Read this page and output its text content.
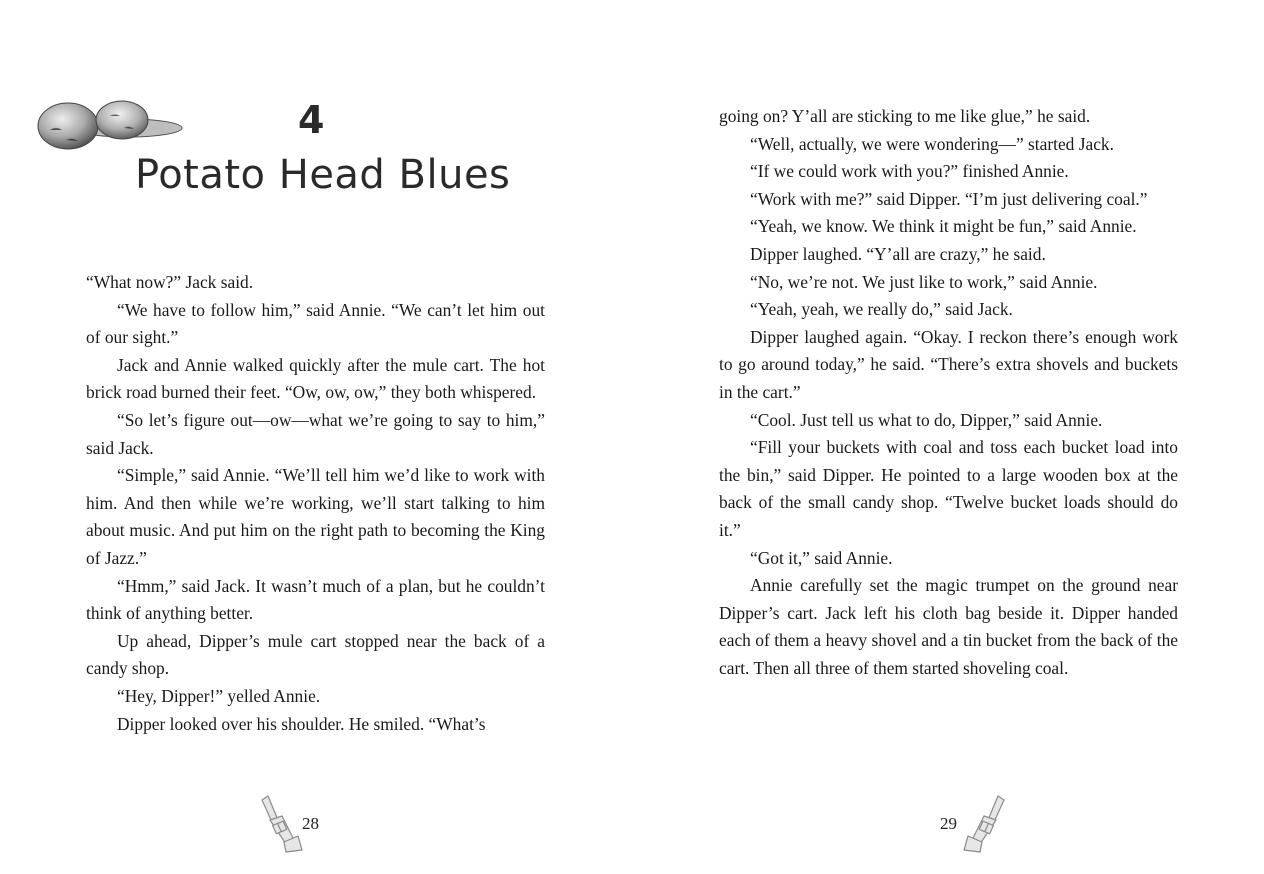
4
Potato Head Blues

“What now?” Jack said.

“We have to follow him,” said Annie. “We can’t let him out of our sight.”

Jack and Annie walked quickly after the mule cart. The hot brick road burned their feet. “Ow, ow, ow,” they both whispered.

“So let’s figure out—ow—what we’re going to say to him,” said Jack.

“Simple,” said Annie. “We’ll tell him we’d like to work with him. And then while we’re working, we’ll start talking to him about music. And put him on the right path to becoming the King of Jazz.”

“Hmm,” said Jack. It wasn’t much of a plan, but he couldn’t think of anything better.

Up ahead, Dipper’s mule cart stopped near the back of a candy shop.

“Hey, Dipper!” yelled Annie.

Dipper looked over his shoulder. He smiled. “What’s

28

going on? Y’all are sticking to me like glue,” he said.

“Well, actually, we were wondering—” started Jack.

“If we could work with you?” finished Annie.

“Work with me?” said Dipper. “I’m just delivering coal.”

“Yeah, we know. We think it might be fun,” said Annie.

Dipper laughed. “Y’all are crazy,” he said.

“No, we’re not. We just like to work,” said Annie.

“Yeah, yeah, we really do,” said Jack.

Dipper laughed again. “Okay. I reckon there’s enough work to go around today,” he said. “There’s extra shovels and buckets in the cart.”

“Cool. Just tell us what to do, Dipper,” said Annie.

“Fill your buckets with coal and toss each bucket load into the bin,” said Dipper. He pointed to a large wooden box at the back of the small candy shop. “Twelve bucket loads should do it.”

“Got it,” said Annie.

Annie carefully set the magic trumpet on the ground near Dipper’s cart. Jack left his cloth bag beside it. Dipper handed each of them a heavy shovel and a tin bucket from the back of the cart. Then all three of them started shoveling coal.

29
